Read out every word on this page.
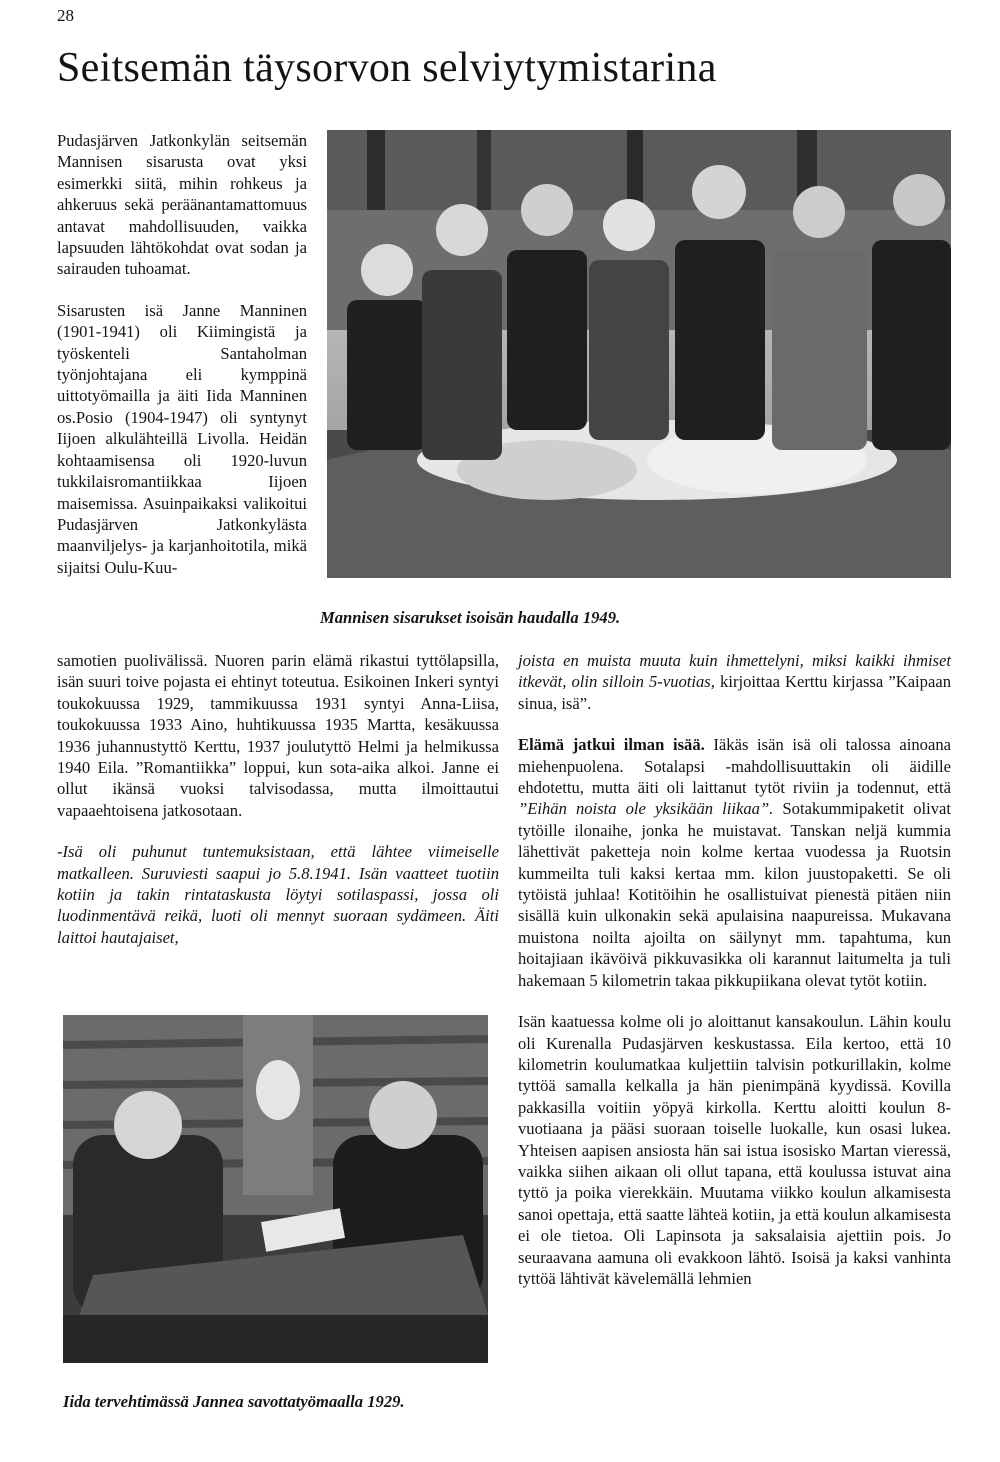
28
Seitsemän täysorvon selviytymistarina

Pudasjärven Jatkonkylän seitsemän Mannisen sisarusta ovat yksi esimerkki siitä, mihin rohkeus ja ahkeruus sekä peräänantamattomuus antavat mahdollisuuden, vaikka lapsuuden lähtökohdat ovat sodan ja sairauden tuhoamat.

Sisarusten isä Janne Manninen (1901-1941) oli Kiimingistä ja työskenteli Santaholman työnjohtajana eli kymppinä uittotyömailla ja äiti Iida Manninen os.Posio (1904-1947) oli syntynyt Iijoen alkulähteillä Livolla. Heidän kohtaamisensa oli 1920-luvun tukkilaisromantiikkaa Iijoen maisemissa. Asuinpaikaksi valikoitui Pudasjärven Jatkonkylästa maanviljelys- ja karjanhoitotila, mikä sijaitsi Oulu-Kuu-

Mannisen sisarukset isoisän haudalla 1949.

samotien puolivälissä. Nuoren parin elämä rikastui tyttölapsilla, isän suuri toive pojasta ei ehtinyt toteutua. Esikoinen Inkeri syntyi toukokuussa 1929, tammikuussa 1931 syntyi Anna-Liisa, toukokuussa 1933 Aino, huhtikuussa 1935 Martta, kesäkuussa 1936 juhannustyttö Kerttu, 1937 joulutyttö Helmi ja helmikussa 1940 Eila. ”Romantiikka” loppui, kun sota-aika alkoi. Janne ei ollut ikänsä vuoksi talvisodassa, mutta ilmoittautui vapaaehtoisena jatkosotaan.

-Isä oli puhunut tuntemuksistaan, että lähtee viimeiselle matkalleen. Suruviesti saapui jo 5.8.1941. Isän vaatteet tuotiin kotiin ja takin rintataskusta löytyi sotilaspassi, jossa oli luodinmentävä reikä, luoti oli mennyt suoraan sydämeen. Äiti laittoi hautajaiset,

Iida tervehtimässä Jannea savottatyömaalla 1929.

joista en muista muuta kuin ihmettelyni, miksi kaikki ihmiset itkevät, olin silloin 5-vuotias, kirjoittaa Kerttu kirjassa ”Kaipaan sinua, isä”.

Elämä jatkui ilman isää. Iäkäs isän isä oli talossa ainoana miehenpuolena. Sotalapsi -mahdollisuuttakin oli äidille ehdotettu, mutta äiti oli laittanut tytöt riviin ja todennut, että ”Eihän noista ole yksikään liikaa”. Sotakummipaketit olivat tytöille ilonaihe, jonka he muistavat. Tanskan neljä kummia lähettivät paketteja noin kolme kertaa vuodessa ja Ruotsin kummeilta tuli kaksi kertaa mm. kilon juustopaketti. Se oli tytöistä juhlaa! Kotitöihin he osallistuivat pienestä pitäen niin sisällä kuin ulkonakin sekä apulaisina naapureissa. Mukavana muistona noilta ajoilta on säilynyt mm. tapahtuma, kun hoitajiaan ikävöivä pikkuvasikka oli karannut laitumelta ja tuli hakemaan 5 kilometrin takaa pikkupiikana olevat tytöt kotiin.

Isän kaatuessa kolme oli jo aloittanut kansakoulun. Lähin koulu oli Kurenalla Pudasjärven keskustassa. Eila kertoo, että 10 kilometrin koulumatkaa kuljettiin talvisin potkurillakin, kolme tyttöä samalla kelkalla ja hän pienimpänä kyydissä. Kovilla pakkasilla voitiin yöpyä kirkolla. Kerttu aloitti koulun 8-vuotiaana ja pääsi suoraan toiselle luokalle, kun osasi lukea. Yhteisen aapisen ansiosta hän sai istua isosisko Martan vieressä, vaikka siihen aikaan oli ollut tapana, että koulussa istuvat aina tyttö ja poika vierekkäin. Muutama viikko koulun alkamisesta sanoi opettaja, että saatte lähteä kotiin, ja että koulun alkamisesta ei ole tietoa. Oli Lapinsota ja saksalaisia ajettiin pois. Jo seuraavana aamuna oli evakkoon lähtö. Isoisä ja kaksi vanhinta tyttöä lähtivät kävelemällä lehmien
